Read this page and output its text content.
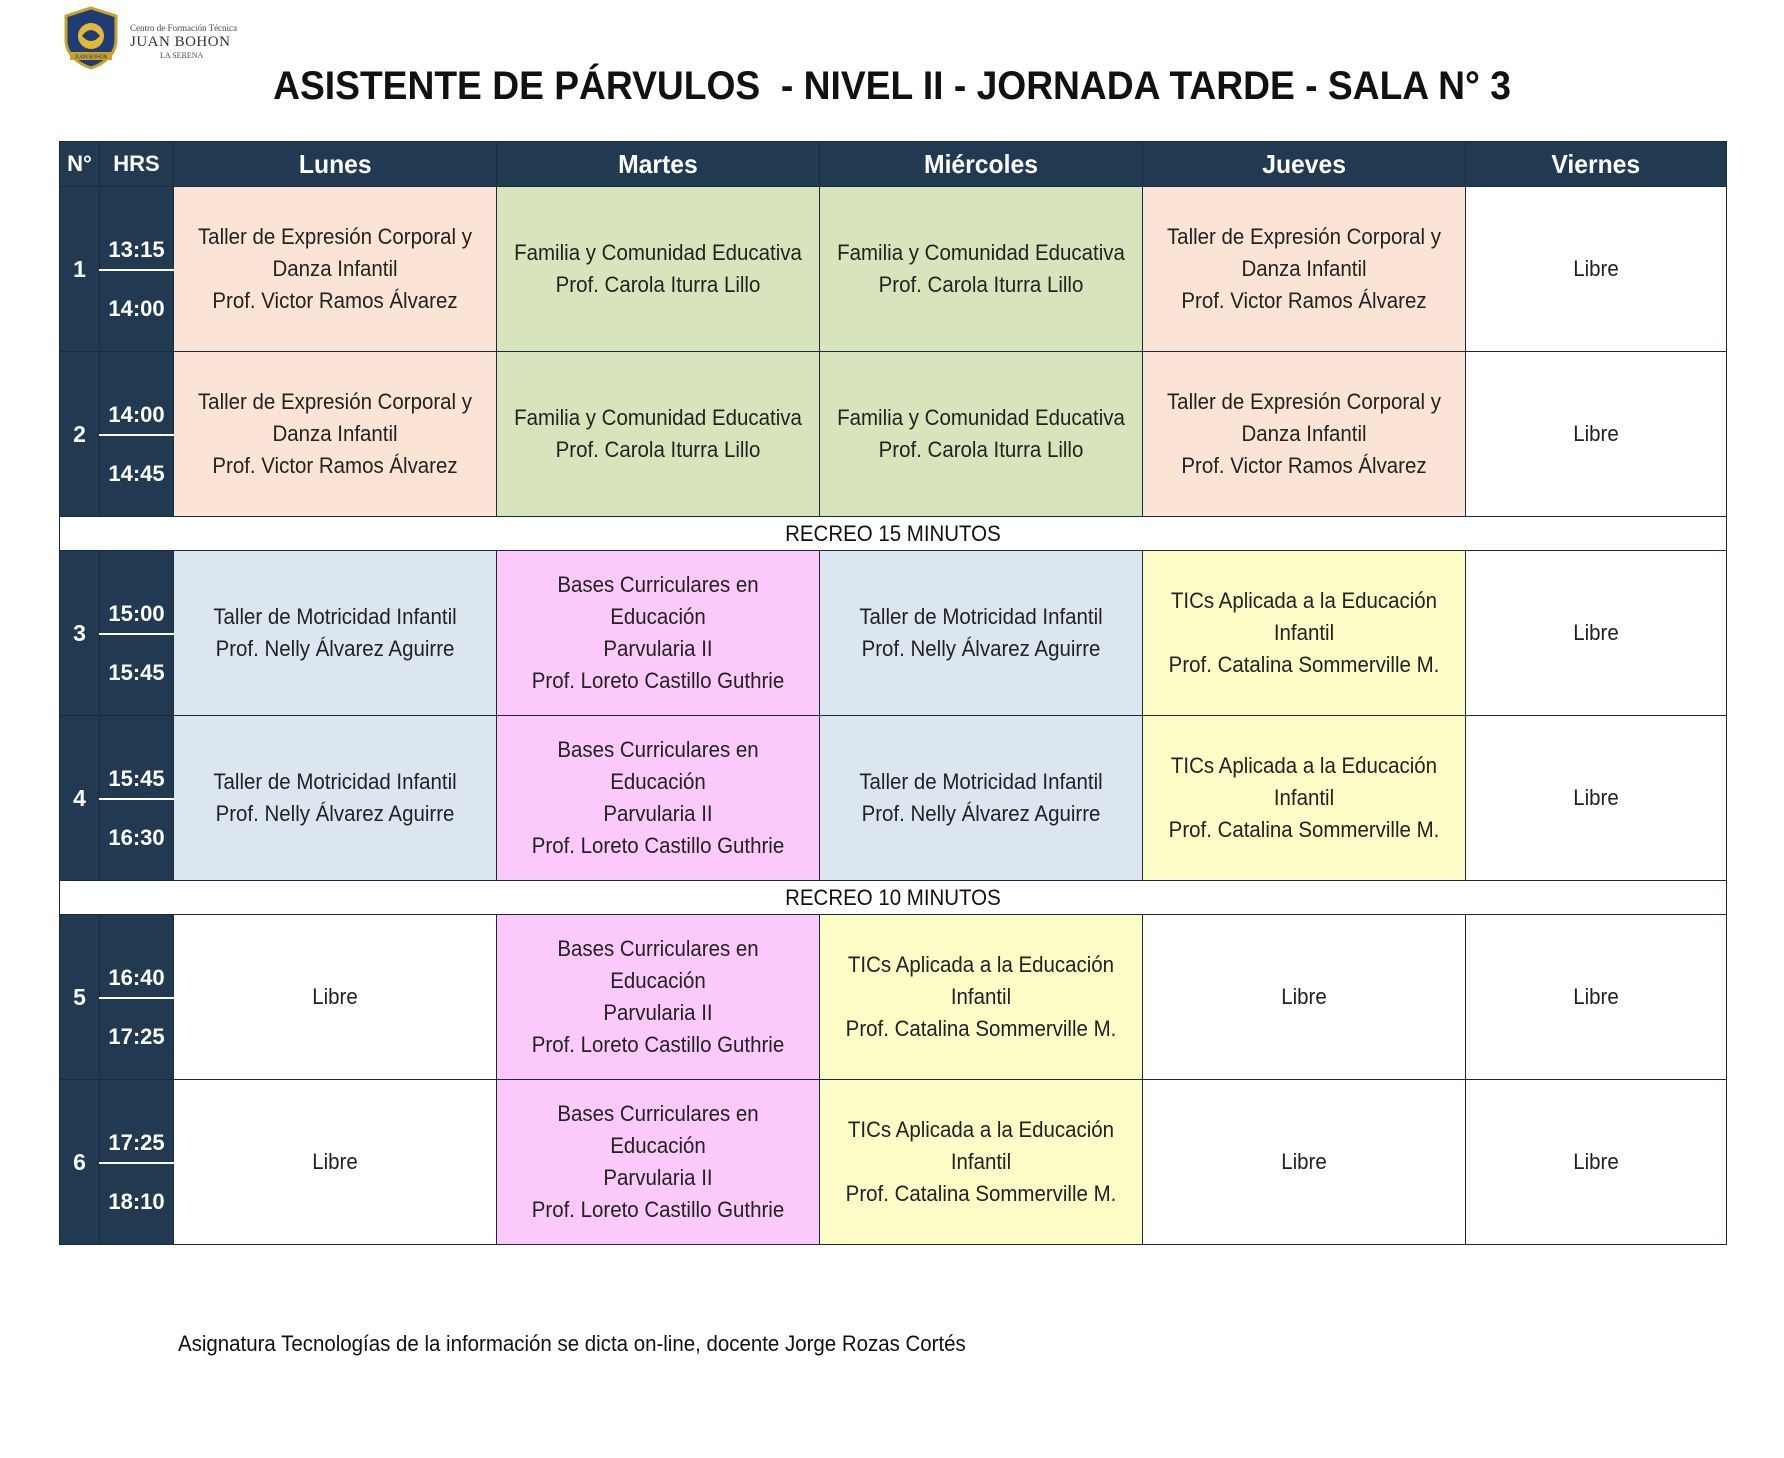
JUAN BOHON
Centro de Formación Técnica
JUAN BOHON
LA SERENA
ASISTENTE DE PÁRVULOS  - NIVEL II - JORNADA TARDE - SALA N° 3
N°	HRS	Lunes	Martes	Miércoles	Jueves	Viernes
1	13:15	Taller de Expresión Corporal y
Danza Infantil
Prof. Victor Ramos Álvarez	Familia y Comunidad Educativa
Prof. Carola Iturra Lillo	Familia y Comunidad Educativa
Prof. Carola Iturra Lillo	Taller de Expresión Corporal y
Danza Infantil
Prof. Victor Ramos Álvarez	Libre

	14:00					
2	14:00	Taller de Expresión Corporal y
Danza Infantil
Prof. Victor Ramos Álvarez	Familia y Comunidad Educativa
Prof. Carola Iturra Lillo	Familia y Comunidad Educativa
Prof. Carola Iturra Lillo	Taller de Expresión Corporal y
Danza Infantil
Prof. Victor Ramos Álvarez	Libre

	14:45					
RECREO 15 MINUTOS						
3	15:00	Taller de Motricidad Infantil
Prof. Nelly Álvarez Aguirre	Bases Curriculares en Educación
Parvularia II
Prof. Loreto Castillo Guthrie	Taller de Motricidad Infantil
Prof. Nelly Álvarez Aguirre	TICs Aplicada a la Educación
Infantil
Prof. Catalina Sommerville M.	Libre

	15:45					
4	15:45	Taller de Motricidad Infantil
Prof. Nelly Álvarez Aguirre	Bases Curriculares en Educación
Parvularia II
Prof. Loreto Castillo Guthrie	Taller de Motricidad Infantil
Prof. Nelly Álvarez Aguirre	TICs Aplicada a la Educación
Infantil
Prof. Catalina Sommerville M.	Libre

	16:30					
RECREO 10 MINUTOS						
5	16:40	Libre	Bases Curriculares en Educación
Parvularia II
Prof. Loreto Castillo Guthrie	TICs Aplicada a la Educación
Infantil
Prof. Catalina Sommerville M.	Libre	Libre

	17:25					
6	17:25	Libre	Bases Curriculares en Educación
Parvularia II
Prof. Loreto Castillo Guthrie	TICs Aplicada a la Educación
Infantil
Prof. Catalina Sommerville M.	Libre	Libre

	18:10					
Asignatura Tecnologías de la información se dicta on-line, docente Jorge Rozas Cortés
